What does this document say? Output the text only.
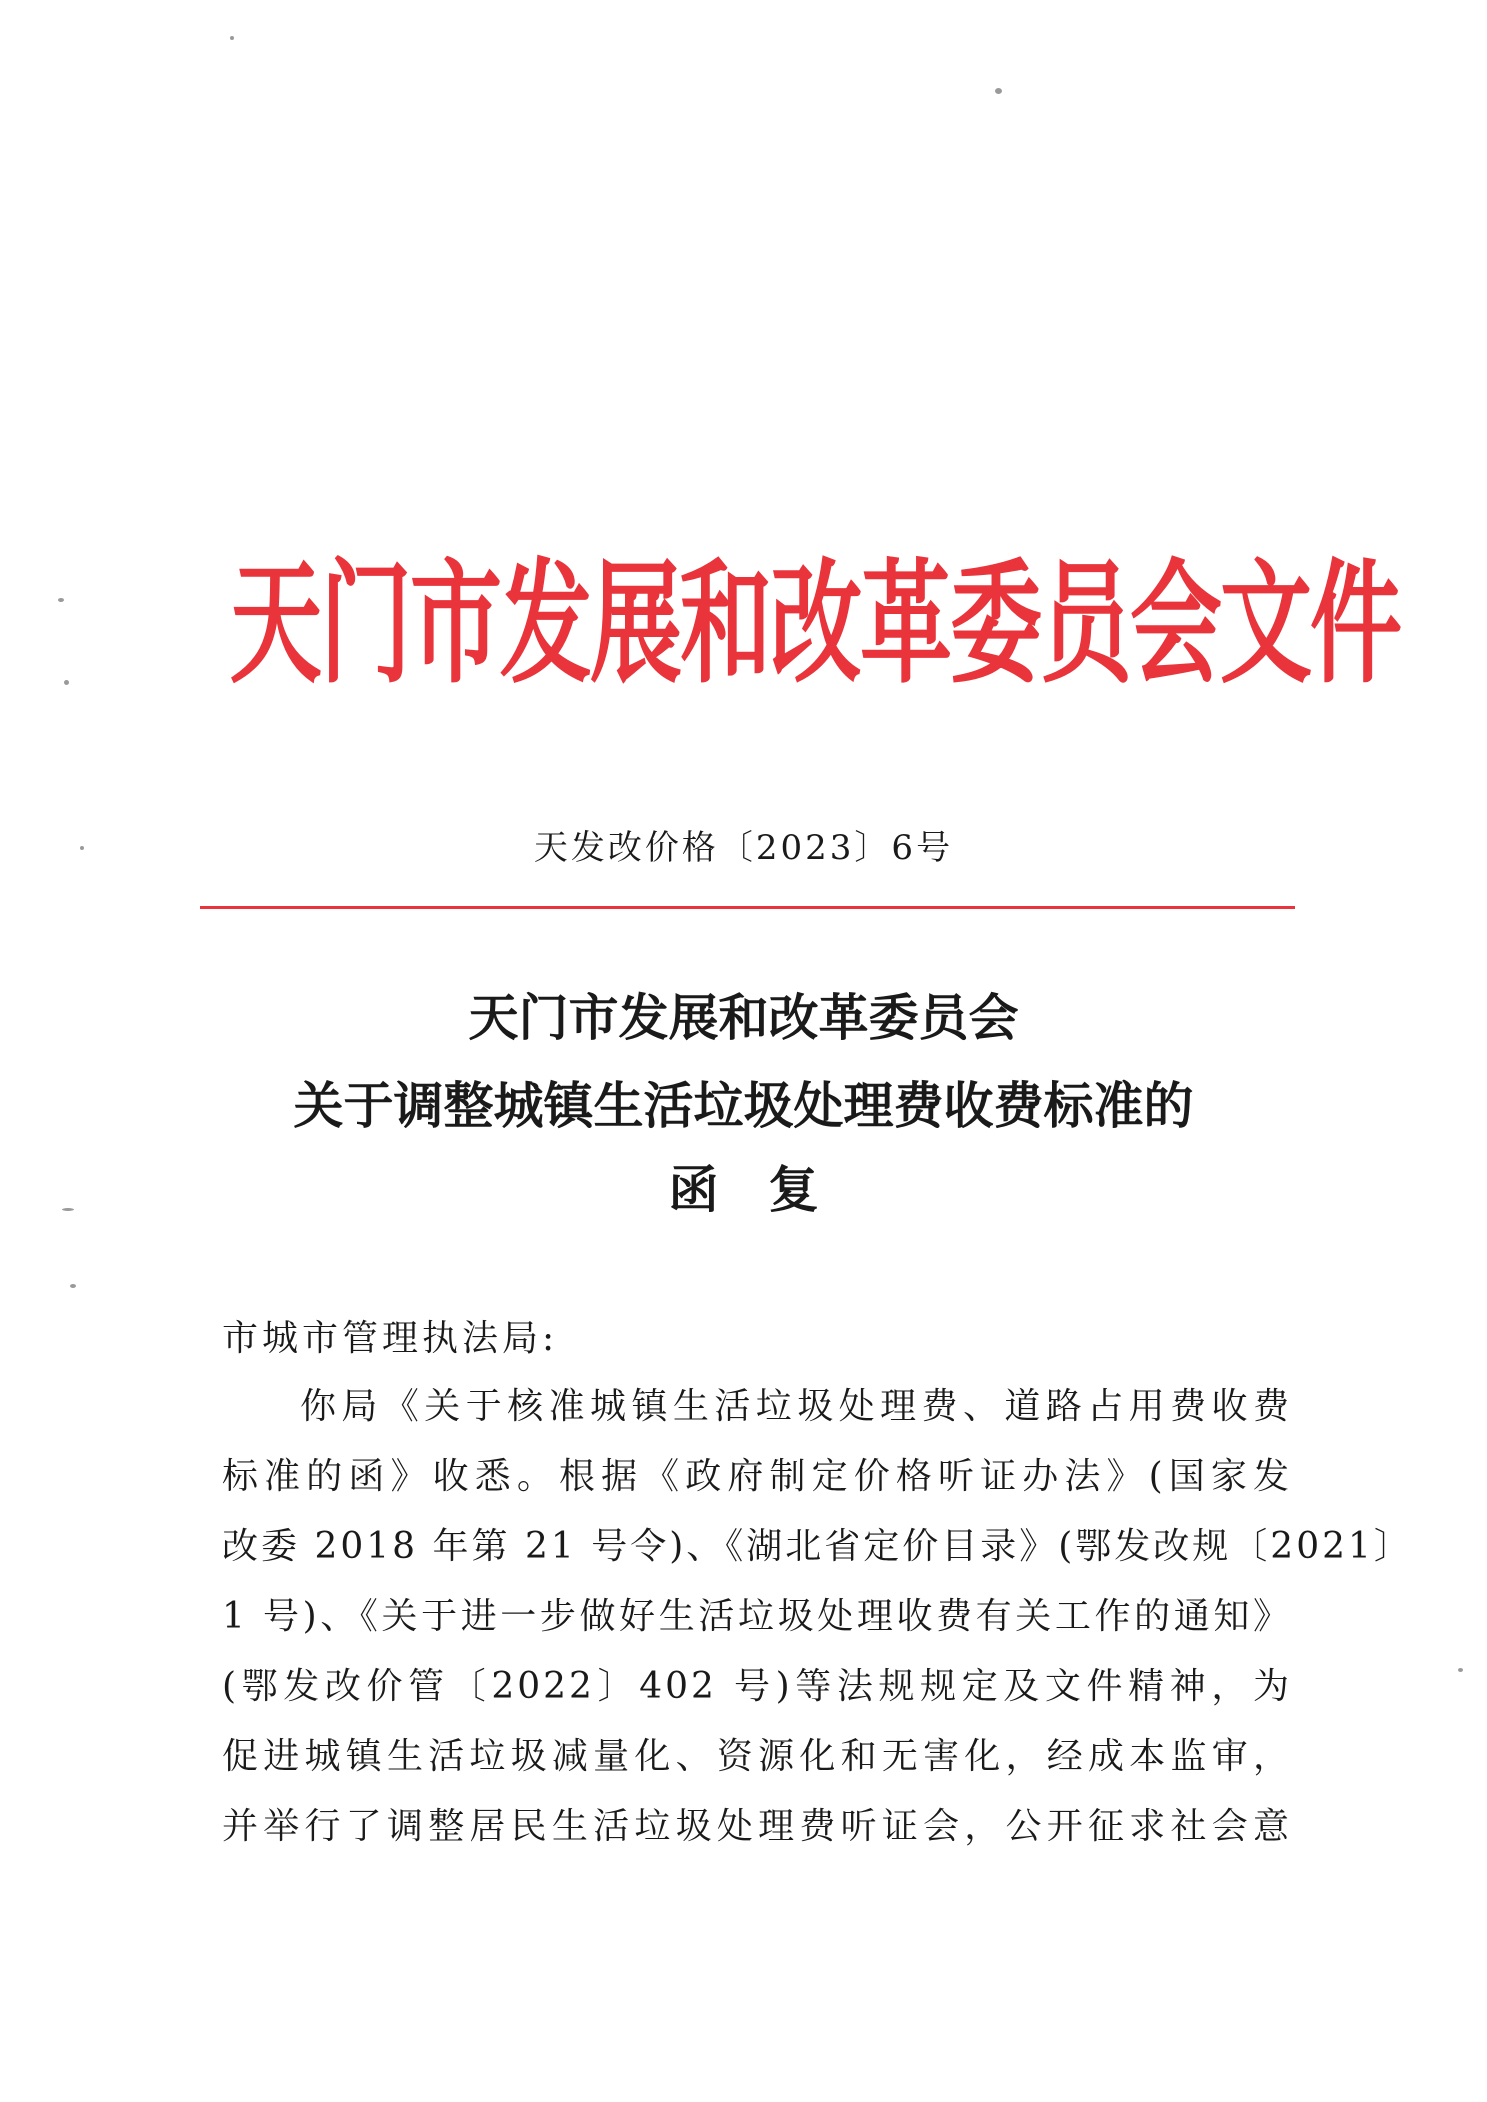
天门市发展和改革委员会文件
天发改价格〔2023〕6号
天门市发展和改革委员会
关于调整城镇生活垃圾处理费收费标准的
函复
市城市管理执法局:
你局《关于核准城镇生活垃圾处理费、道路占用费收费
标准的函》收悉。根据《政府制定价格听证办法》(国家发
改委 2018 年第 21 号令)、《湖北省定价目录》(鄂发改规〔2021〕
1 号)、《关于进一步做好生活垃圾处理收费有关工作的通知》
(鄂发改价管〔2022〕402 号)等法规规定及文件精神，为
促进城镇生活垃圾减量化、资源化和无害化，经成本监审，
并举行了调整居民生活垃圾处理费听证会，公开征求社会意
